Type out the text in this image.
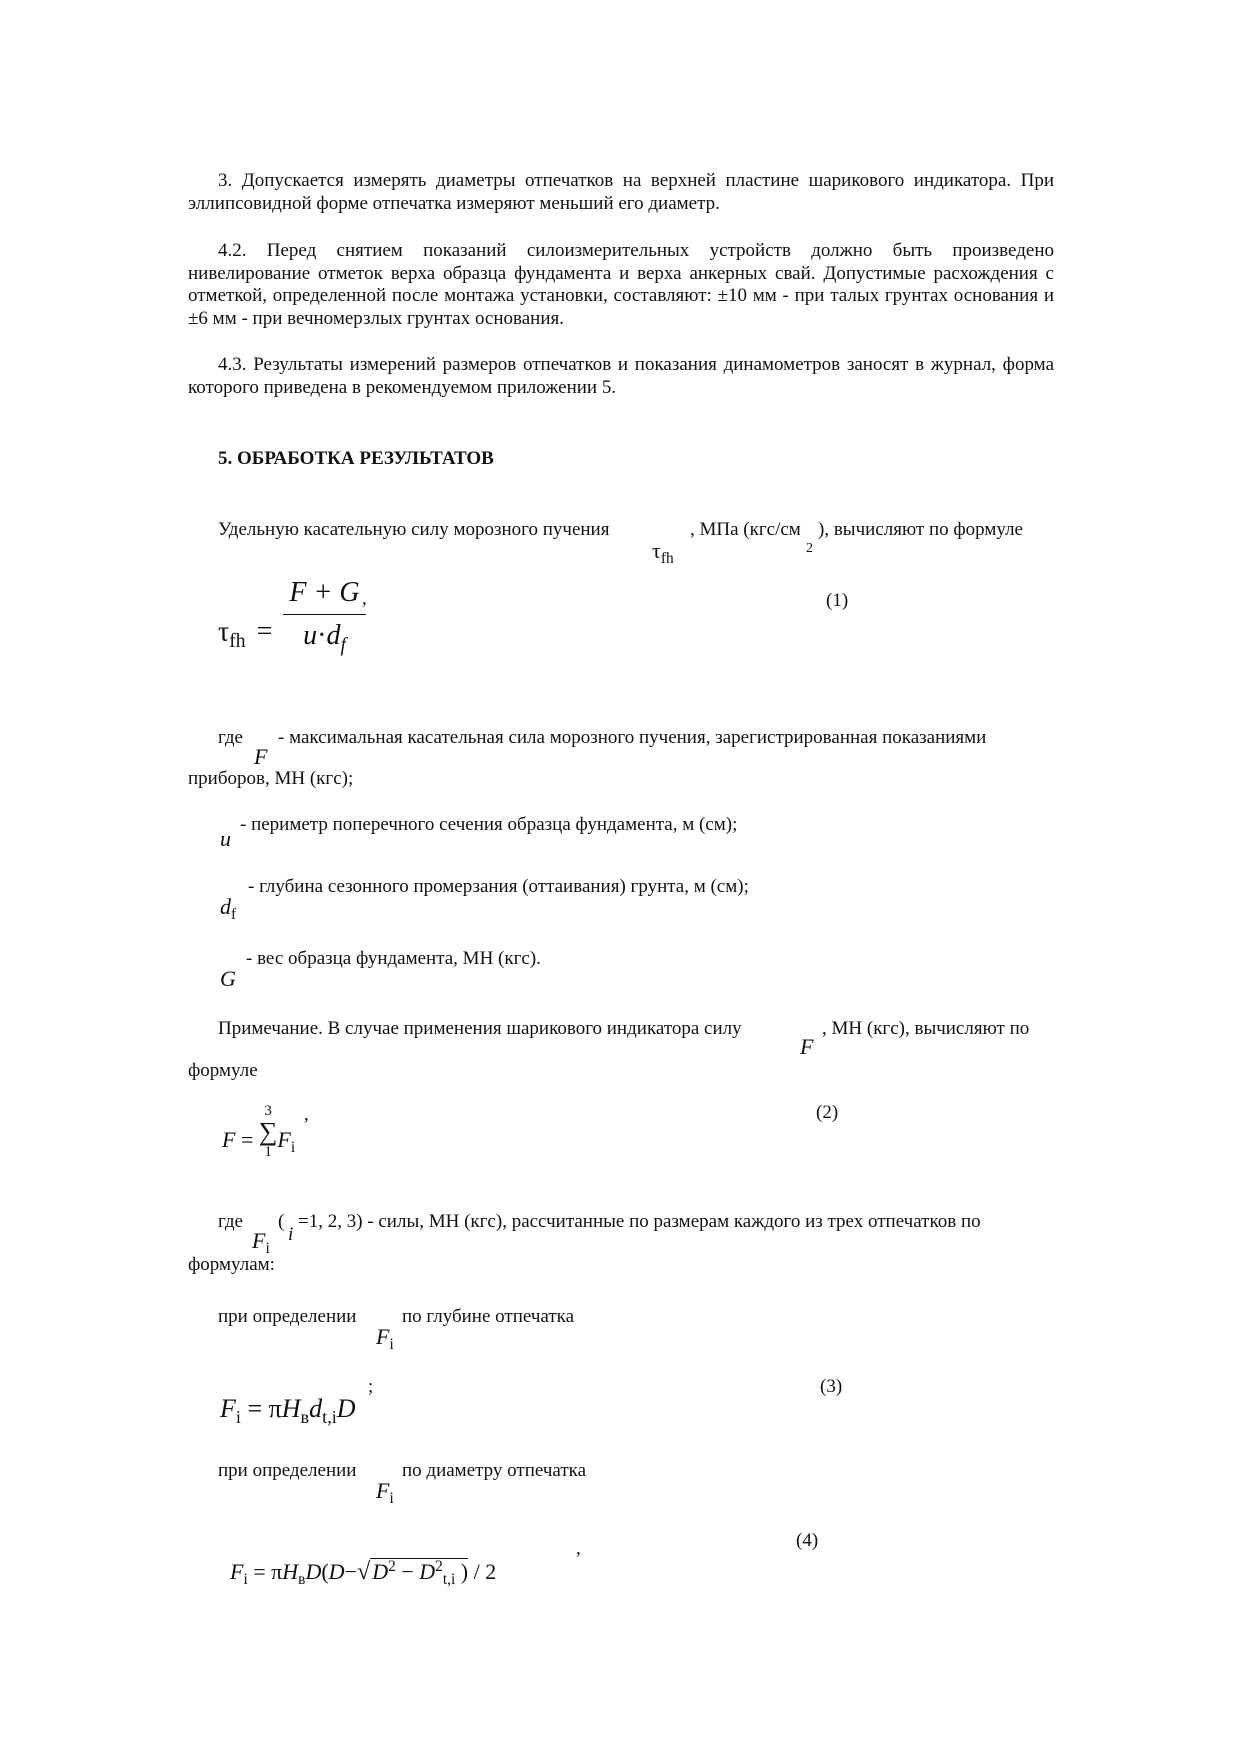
3. Допускается измерять диаметры отпечатков на верхней пластине шарикового индикатора. При эллипсовидной форме отпечатка измеряют меньший его диаметр.
4.2. Перед снятием показаний силоизмерительных устройств должно быть произведено нивелирование отметок верха образца фундамента и верха анкерных свай. Допустимые расхождения с отметкой, определенной после монтажа установки, составляют: ±10 мм - при талых грунтах основания и ±6 мм - при вечномерзлых грунтах основания.
4.3. Результаты измерений размеров отпечатков и показания динамометров заносят в журнал, форма которого приведена в рекомендуемом приложении 5.
5. ОБРАБОТКА РЕЗУЛЬТАТОВ
Удельную касательную силу морозного пучения
$\tau_{fh}$
, МПа (кгс/см
2
), вычисляют по формуле
$\tau_{fh} = \frac{F + G}{u\cdot d_f}$
,	(1)
где
F
- максимальная касательная сила морозного пучения, зарегистрированная показаниями
приборов, МН (кгс);
u
- периметр поперечного сечения образца фундамента, м (см);
$d_f$
- глубина сезонного промерзания (оттаивания) грунта, м (см);
G
- вес образца фундамента, МН (кгс).
Примечание. В случае применения шарикового индикатора силу
F
, МН (кгс), вычисляют по
формуле
F =
3
∑
1 $F_i$
,	(2)
где
$F_i$
(
i
=1, 2, 3) - силы, МН (кгс), рассчитанные по размерам каждого из трех отпечатков по
формулам:
при определении
$F_i$
по глубине отпечатка
$F_i = \pi H_вd_{t,i}D$
;	(3)
при определении
$F_i$
по диаметру отпечатка
$F_i = \pi H_вD(D-√D^2 - D^2_{t,i}$ ) / 2
,	(4)
